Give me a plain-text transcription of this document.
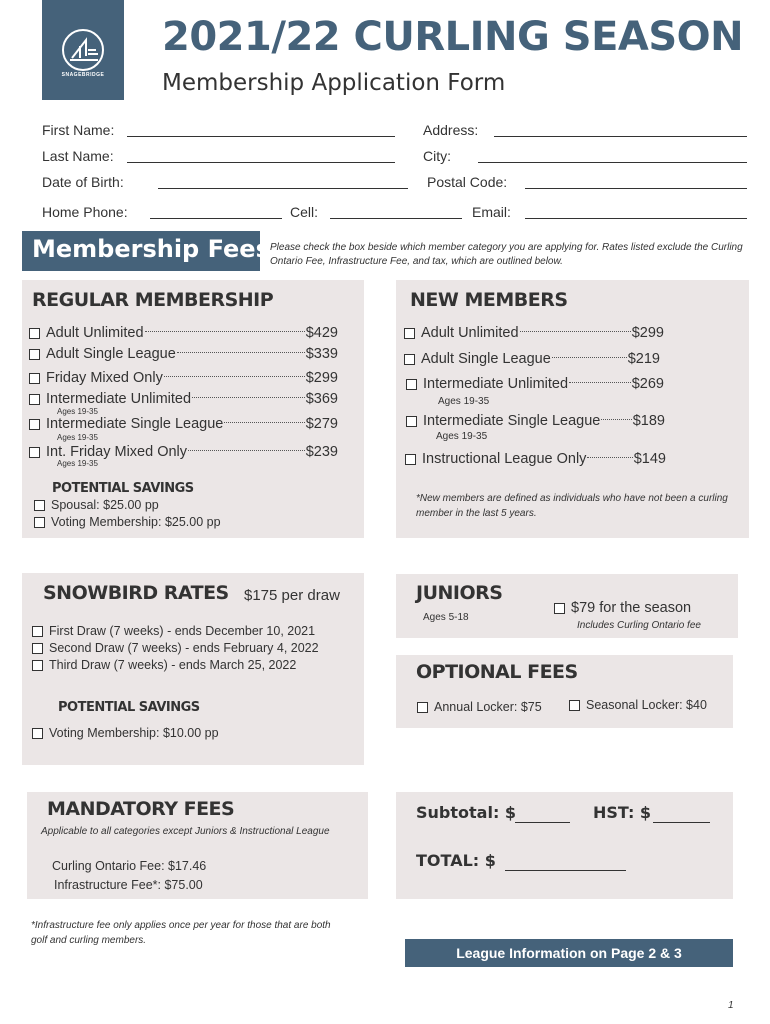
SNAGEBRIDGE
2021/22 CURLING SEASON
Membership Application Form
First Name:
Last Name:
Date of Birth:
Home Phone:
Address:
City:
Postal Code:
Cell:	Email:
Membership Fees Please check the box beside which member category you are applying for. Rates listed exclude the Curling Ontario Fee, Infrastructure Fee, and tax, which are outlined below.
REGULAR MEMBERSHIP
Adult Unlimited	$429
Adult Single League	$339
Friday Mixed Only	$299
Intermediate Unlimited	$369
Ages 19-35
Intermediate Single League	$279
Ages 19-35
Int. Friday Mixed Only	$239
Ages 19-35
POTENTIAL SAVINGS
Spousal: $25.00 pp
Voting Membership: $25.00 pp
NEW MEMBERS
Adult Unlimited	$299
Adult Single League	$219
Intermediate Unlimited	$269
Ages 19-35
Intermediate Single League $189
Ages 19-35
Instructional League Only	$149
*New members are defined as individuals who have not been a curling member in the last 5 years.
SNOWBIRD RATES $175 per draw
First Draw (7 weeks) - ends December 10, 2021
Second Draw (7 weeks) - ends February 4, 2022
Third Draw (7 weeks) - ends March 25, 2022
POTENTIAL SAVINGS
Voting Membership: $10.00 pp
JUNIORS
Ages 5-18
$79 for the season
Includes Curling Ontario fee
OPTIONAL FEES
Annual Locker: $75	Seasonal Locker: $40
MANDATORY FEES
Applicable to all categories except Juniors & Instructional League
Curling Ontario Fee: $17.46
Infrastructure Fee*: $75.00
*Infrastructure fee only applies once per year for those that are both golf and curling members.
Subtotal: $	HST: $
TOTAL: $
League Information on Page 2 & 3
1
